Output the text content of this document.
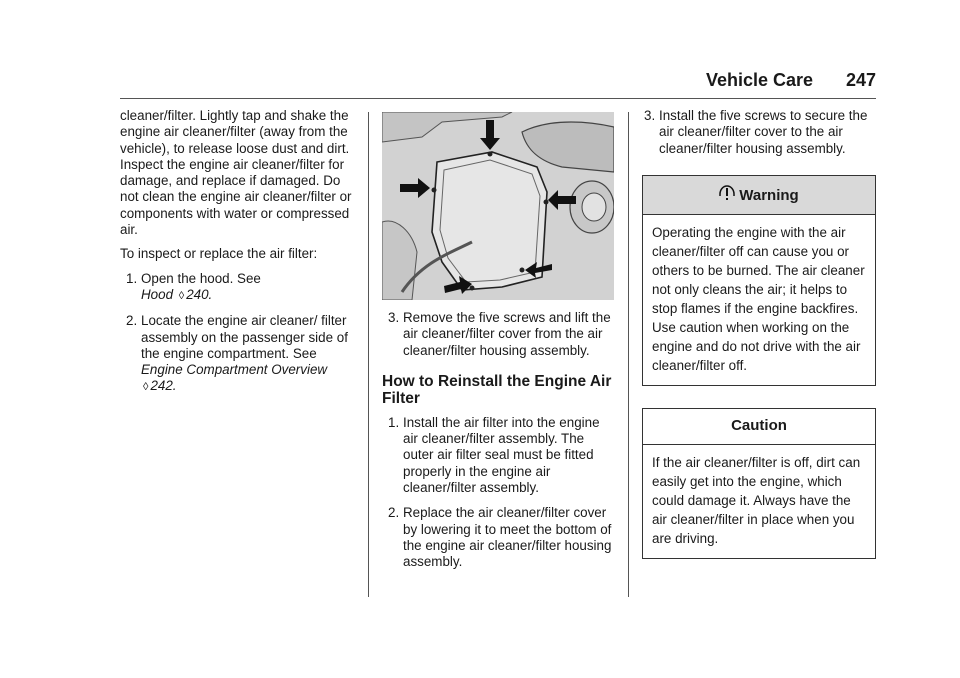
Vehicle Care 247

cleaner/filter. Lightly tap and shake the engine air cleaner/filter (away from the vehicle), to release loose dust and dirt. Inspect the engine air cleaner/filter for damage, and replace if damaged. Do not clean the engine air cleaner/filter or components with water or compressed air.

To inspect or replace the air filter:

1. Open the hood. See
Hood ◊ 240.
2. Locate the engine air cleaner/ filter assembly on the passenger side of the engine compartment. See Engine Compartment Overview ◊ 242.
3. Remove the five screws and lift the air cleaner/filter cover from the air cleaner/filter housing assembly.
How to Reinstall the Engine Air Filter
1. Install the air filter into the engine air cleaner/filter assembly. The outer air filter seal must be fitted properly in the engine air cleaner/filter assembly.
2. Replace the air cleaner/filter cover by lowering it to meet the bottom of the engine air cleaner/filter housing assembly.
3. Install the five screws to secure the air cleaner/filter cover to the air cleaner/filter housing assembly.
Warning
Operating the engine with the air cleaner/filter off can cause you or others to be burned. The air cleaner not only cleans the air; it helps to stop flames if the engine backfires. Use caution when working on the engine and do not drive with the air cleaner/filter off.
Caution
If the air cleaner/filter is off, dirt can easily get into the engine, which could damage it. Always have the air cleaner/filter in place when you are driving.
